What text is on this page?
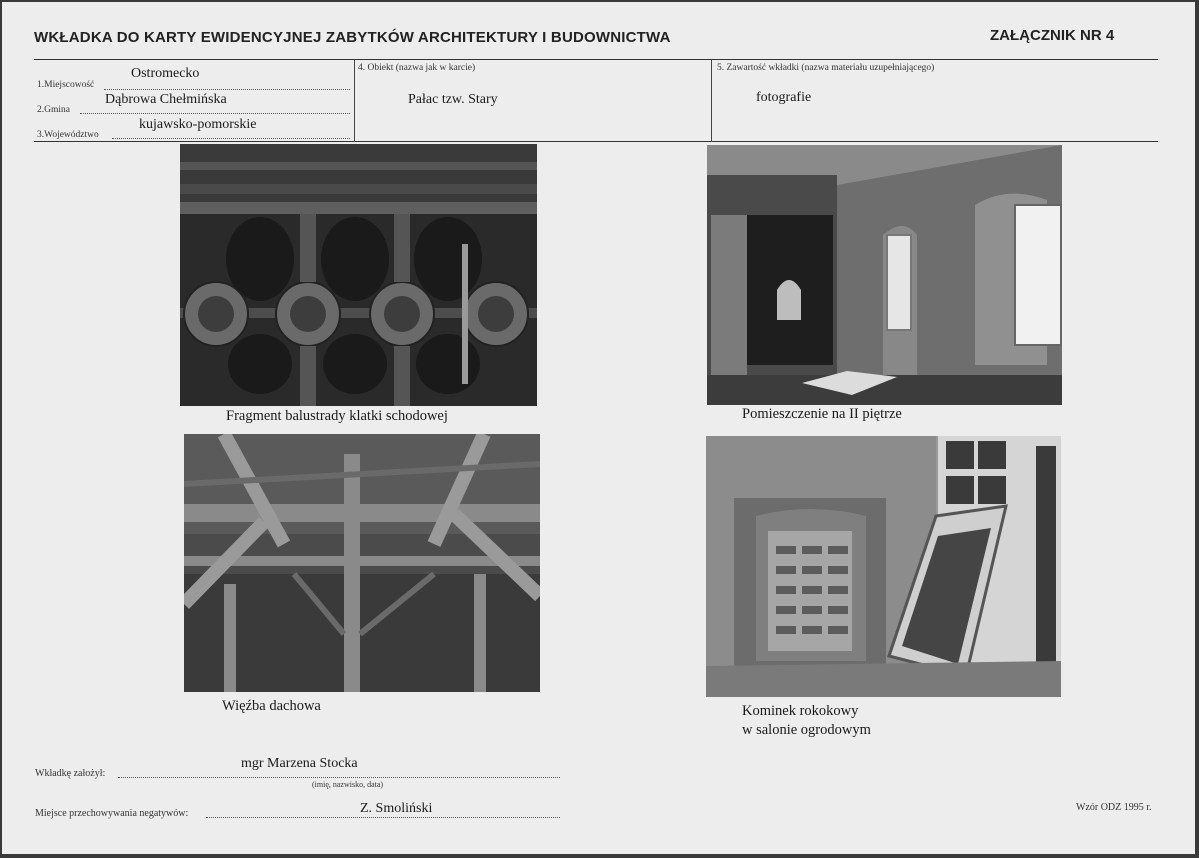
WKŁADKA DO KARTY EWIDENCYJNEJ ZABYTKÓW ARCHITEKTURY I BUDOWNICTWA	ZAŁĄCZNIK NR 4
1.Miejscowość
Ostromecko
2.Gmina
Dąbrowa Chełmińska
3.Województwo
kujawsko-pomorskie
4. Obiekt (nazwa jak w karcie)
Pałac tzw. Stary
5. Zawartość wkładki (nazwa materiału uzupełniającego)
fotografie
Fragment balustrady klatki schodowej	Pomieszczenie na II piętrze
Więźba dachowa	Kominek rokokowy
w salonie ogrodowym
Wkładkę założył:
mgr Marzena Stocka
(imię, nazwisko, data)
Miejsce przechowywania negatywów:	Z. Smoliński	Wzór ODZ 1995 r.
